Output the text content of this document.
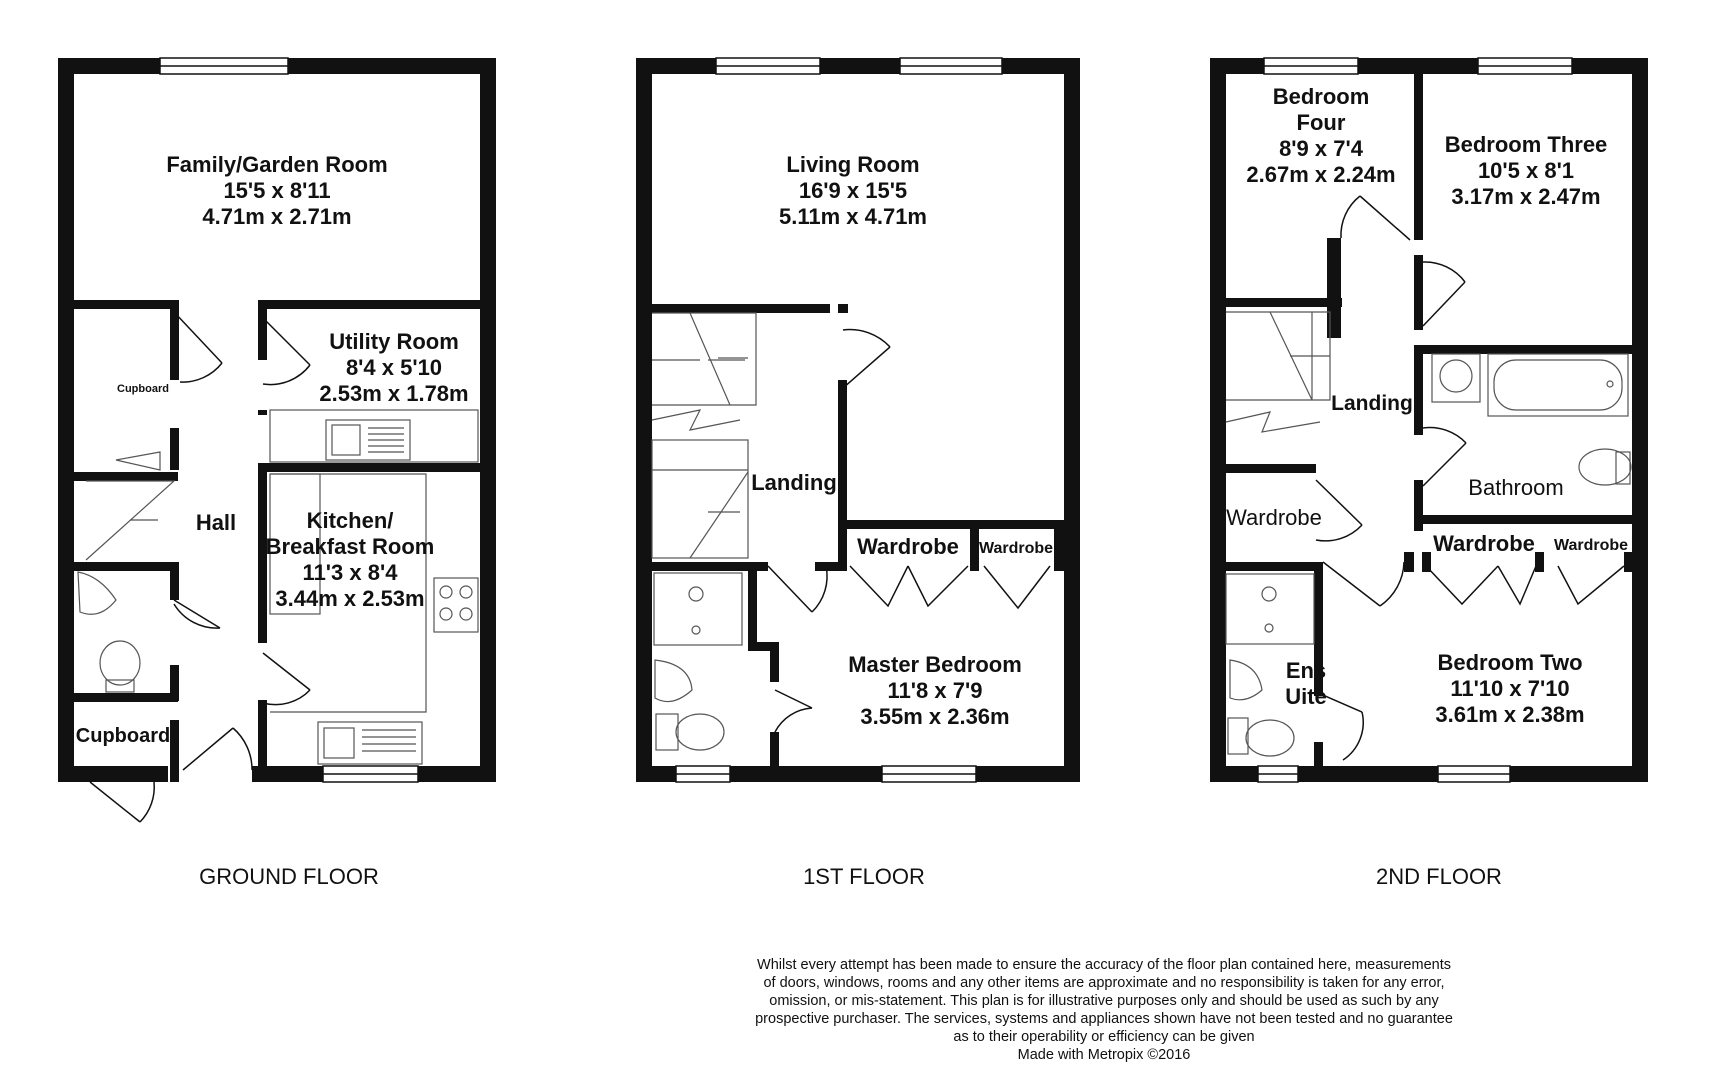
Family/Garden Room
15'5 x 8'11
4.71m x 2.71m
Utility Room
8'4 x 5'10
2.53m x 1.78m
Kitchen/
Breakfast Room
11'3 x 8'4
3.44m x 2.53m
Hall
Cupboard
Cupboard
GROUND FLOOR
Living Room
16'9 x 15'5
5.11m x 4.71m
Landing
Wardrobe Wardrobe
Master Bedroom
11'8 x 7'9
3.55m x 2.36m
1ST FLOOR
Bedroom
Four
8'9 x 7'4
2.67m x 2.24m
Bedroom Three
10'5 x 8'1
3.17m x 2.47m
Landing
Bathroom
Wardrobe
Wardrobe Wardrobe
Ens
Uite
Bedroom Two
11'10 x 7'10
3.61m x 2.38m
2ND FLOOR
Whilst every attempt has been made to ensure the accuracy of the floor plan contained here, measurements
of doors, windows, rooms and any other items are approximate and no responsibility is taken for any error,
omission, or mis-statement. This plan is for illustrative purposes only and should be used as such by any
prospective purchaser. The services, systems and appliances shown have not been tested and no guarantee
as to their operability or efficiency can be given
Made with Metropix ©2016
